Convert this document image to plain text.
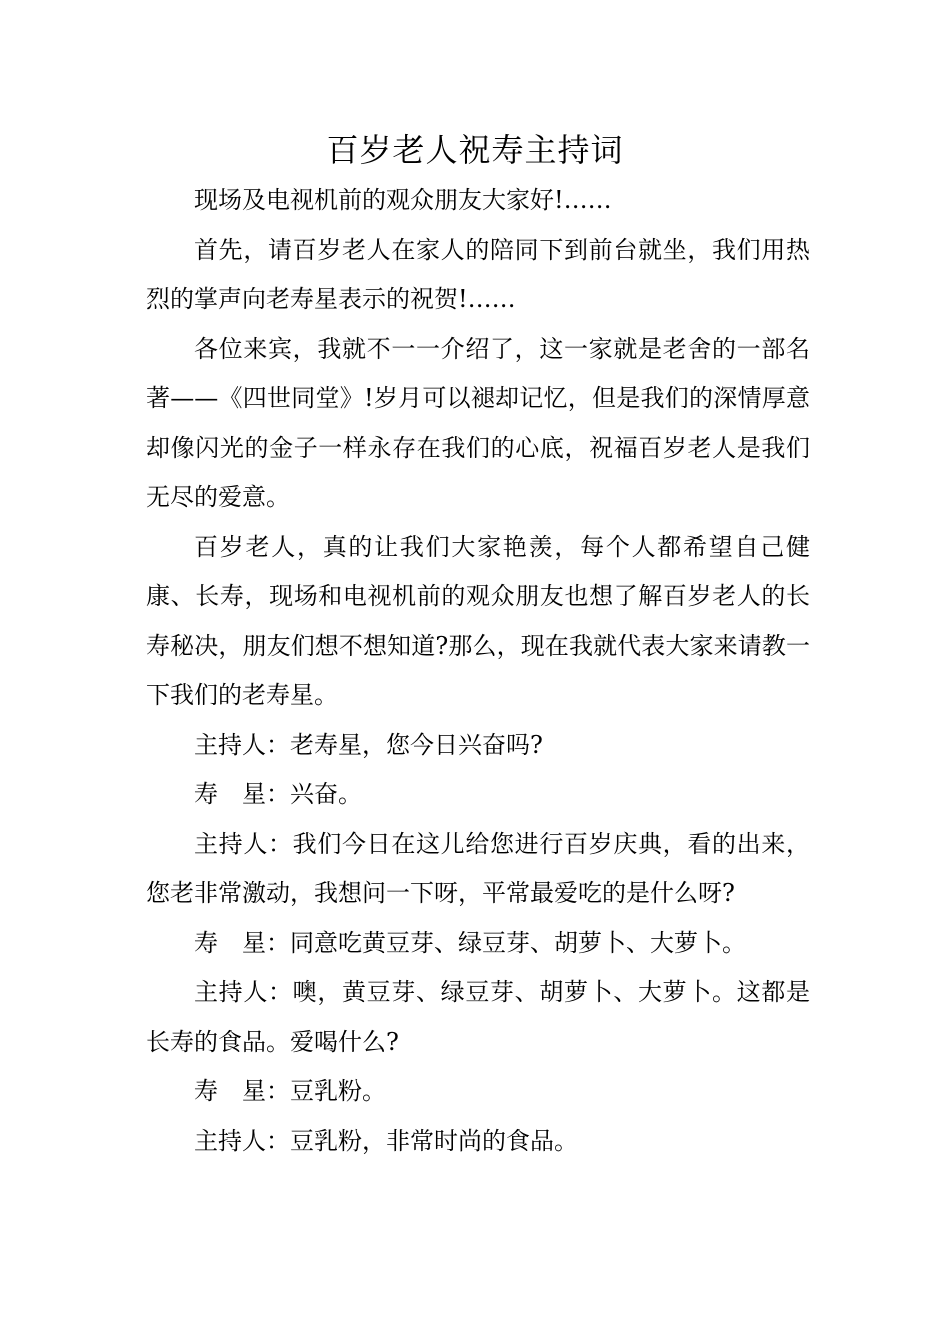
百岁老人祝寿主持词

现场及电视机前的观众朋友大家好!……

首先，请百岁老人在家人的陪同下到前台就坐，我们用热烈的掌声向老寿星表示的祝贺!……

各位来宾，我就不一一介绍了，这一家就是老舍的一部名著——《四世同堂》!岁月可以褪却记忆，但是我们的深情厚意却像闪光的金子一样永存在我们的心底，祝福百岁老人是我们无尽的爱意。

百岁老人，真的让我们大家艳羡，每个人都希望自己健康、长寿，现场和电视机前的观众朋友也想了解百岁老人的长寿秘决，朋友们想不想知道?那么，现在我就代表大家来请教一下我们的老寿星。

主持人：老寿星，您今日兴奋吗?

寿　星：兴奋。

主持人：我们今日在这儿给您进行百岁庆典，看的出来，您老非常激动，我想问一下呀，平常最爱吃的是什么呀?

寿　星：同意吃黄豆芽、绿豆芽、胡萝卜、大萝卜。

主持人：噢，黄豆芽、绿豆芽、胡萝卜、大萝卜。这都是长寿的食品。爱喝什么?

寿　星：豆乳粉。

主持人：豆乳粉，非常时尚的食品。
